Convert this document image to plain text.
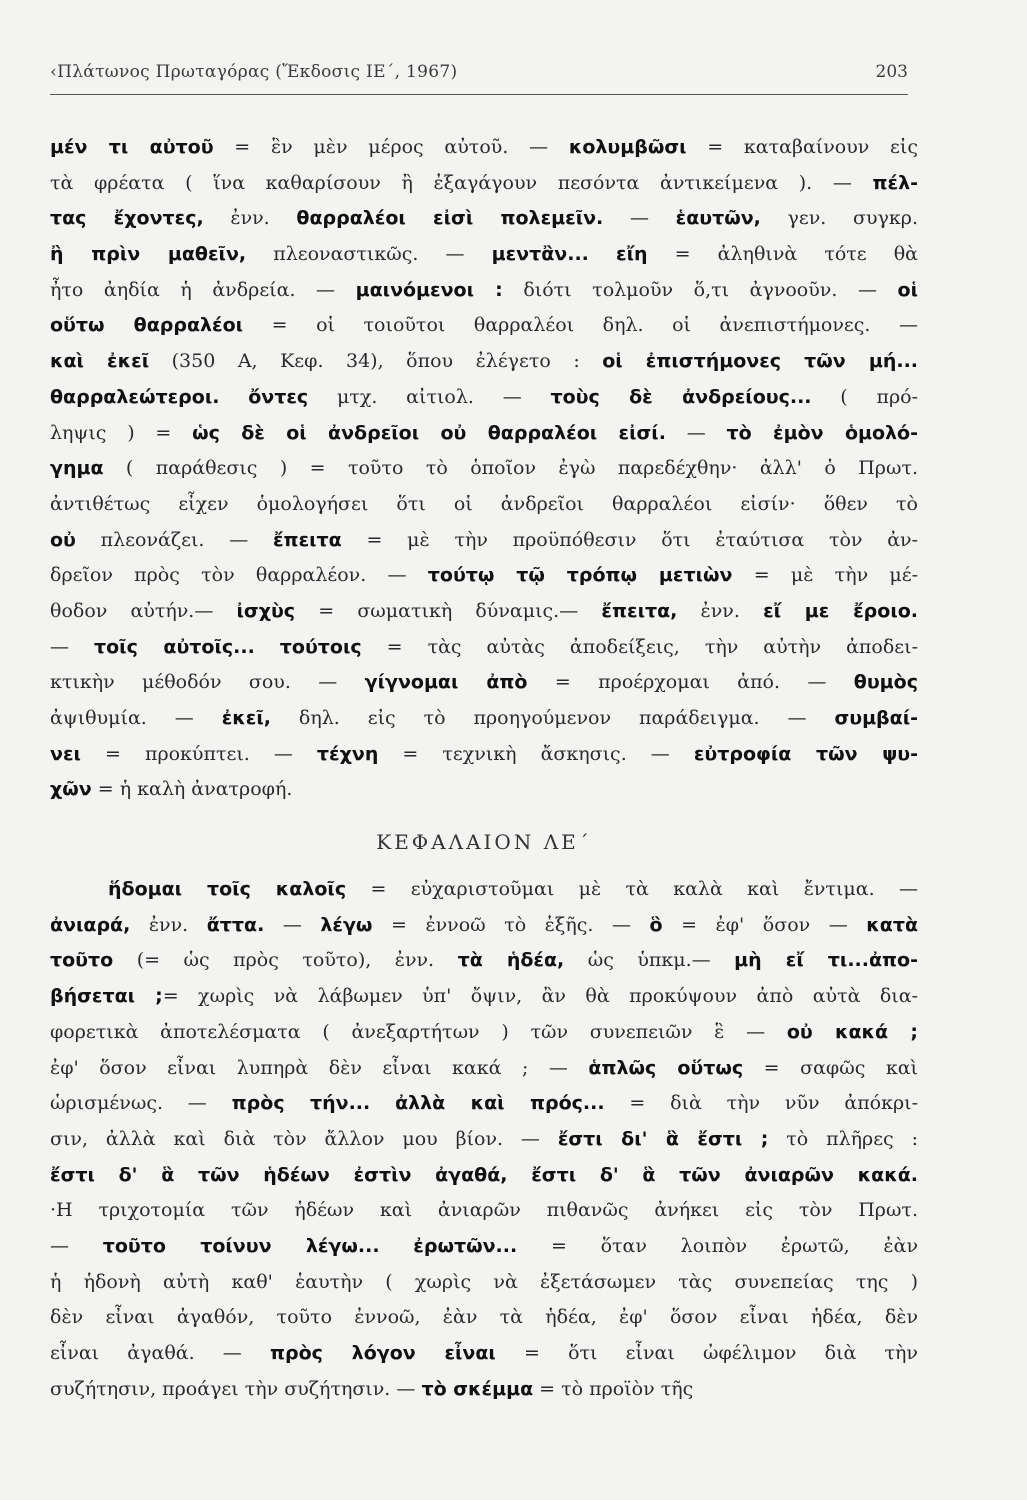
‹Πλάτωνος Πρωταγόρας (Ἔκδοσις ΙΕ΄, 1967)	203
μέν τι αὐτοῦ = ἓν μὲν μέρος αὐτοῦ. — κολυμβῶσι = καταβαίνουν εἰς
τὰ φρέατα ( ἵνα καθαρίσουν ἢ ἐξαγάγουν πεσόντα ἀντικείμενα ). — πέλ-
τας ἔχοντες, ἐνν. θαρραλέοι εἰσὶ πολεμεῖν. — ἑαυτῶν, γεν. συγκρ.
ἢ πρὶν μαθεῖν, πλεοναστικῶς. — μεντἂν... εἴη = ἀληθινὰ τότε θὰ
ἦτο ἀηδία ἡ ἀνδρεία. — μαινόμενοι : διότι τολμοῦν ὅ,τι ἀγνοοῦν. — οἱ
οὕτω θαρραλέοι = οἱ τοιοῦτοι θαρραλέοι δηλ. οἱ ἀνεπιστήμονες. —
καὶ ἐκεῖ (350 Α, Κεφ. 34), ὅπου ἐλέγετο : οἱ ἐπιστήμονες τῶν μή...
θαρραλεώτεροι. ὄντες μτχ. αἰτιολ. — τοὺς δὲ ἀνδρείους... ( πρό-
ληψις ) = ὡς δὲ οἱ ἀνδρεῖοι οὐ θαρραλέοι εἰσί. — τὸ ἐμὸν ὁμολό-
γημα ( παράθεσις ) = τοῦτο τὸ ὁποῖον ἐγὼ παρεδέχθην· ἀλλ' ὁ Πρωτ.
ἀντιθέτως εἶχεν ὁμολογήσει ὅτι οἱ ἀνδρεῖοι θαρραλέοι εἰσίν· ὅθεν τὸ
οὐ πλεονάζει. — ἔπειτα = μὲ τὴν προϋπόθεσιν ὅτι ἐταύτισα τὸν ἀν-
δρεῖον πρὸς τὸν θαρραλέον. — τούτῳ τῷ τρόπῳ μετιὼν = μὲ τὴν μέ-
θοδον αὐτήν.— ἰσχὺς = σωματικὴ δύναμις.— ἔπειτα, ἐνν. εἴ με ἔροιο.
— τοῖς αὐτοῖς... τούτοις = τὰς αὐτὰς ἀποδείξεις, τὴν αὐτὴν ἀποδει-
κτικὴν μέθοδόν σου. — γίγνομαι ἀπὸ = προέρχομαι ἀπό. — θυμὸς
ἀψιθυμία. — ἐκεῖ, δηλ. εἰς τὸ προηγούμενον παράδειγμα. — συμβαί-
νει = προκύπτει. — τέχνη = τεχνικὴ ἄσκησις. — εὐτροφία τῶν ψυ-
χῶν = ἡ καλὴ ἀνατροφή.
ΚΕΦΑΛΑΙΟΝ ΛΕ΄
ἥδομαι τοῖς καλοῖς = εὐχαριστοῦμαι μὲ τὰ καλὰ καὶ ἔντιμα. —
ἀνιαρά, ἐνν. ἄττα. — λέγω = ἐννοῶ τὸ ἑξῆς. — ὃ = ἐφ' ὅσον — κατὰ
τοῦτο (= ὡς πρὸς τοῦτο), ἐνν. τὰ ἡδέα, ὡς ὑπκμ.— μὴ εἴ τι...ἀπο-
βήσεται ;= χωρὶς νὰ λάβωμεν ὑπ' ὄψιν, ἂν θὰ προκύψουν ἀπὸ αὐτὰ δια-
φορετικὰ ἀποτελέσματα ( ἀνεξαρτήτων ) τῶν συνεπειῶν ἓ — οὐ κακά ;
ἐφ' ὅσον εἶναι λυπηρὰ δὲν εἶναι κακά ; — ἁπλῶς οὕτως = σαφῶς καὶ
ὡρισμένως. — πρὸς τήν... ἀλλὰ καὶ πρός... = διὰ τὴν νῦν ἀπόκρι-
σιν, ἀλλὰ καὶ διὰ τὸν ἄλλον μου βίον. — ἔστι δι' ἃ ἔστι ; τὸ πλῆρες :
ἔστι δ' ἃ τῶν ἡδέων ἐστὶν ἀγαθά, ἔστι δ' ἃ τῶν ἀνιαρῶν κακά.
·Η τριχοτομία τῶν ἡδέων καὶ ἀνιαρῶν πιθανῶς ἀνήκει εἰς τὸν Πρωτ.
— τοῦτο τοίνυν λέγω... ἐρωτῶν... = ὅταν λοιπὸν ἐρωτῶ, ἐὰν
ἡ ἡδονὴ αὐτὴ καθ' ἑαυτὴν ( χωρὶς νὰ ἐξετάσωμεν τὰς συνεπείας της )
δὲν εἶναι ἀγαθόν, τοῦτο ἐννοῶ, ἐὰν τὰ ἡδέα, ἐφ' ὅσον εἶναι ἡδέα, δὲν
εἶναι ἀγαθά. — πρὸς λόγον εἶναι = ὅτι εἶναι ὠφέλιμον διὰ τὴν
συζήτησιν, προάγει τὴν συζήτησιν. — τὸ σκέμμα = τὸ προϊὸν τῆς
